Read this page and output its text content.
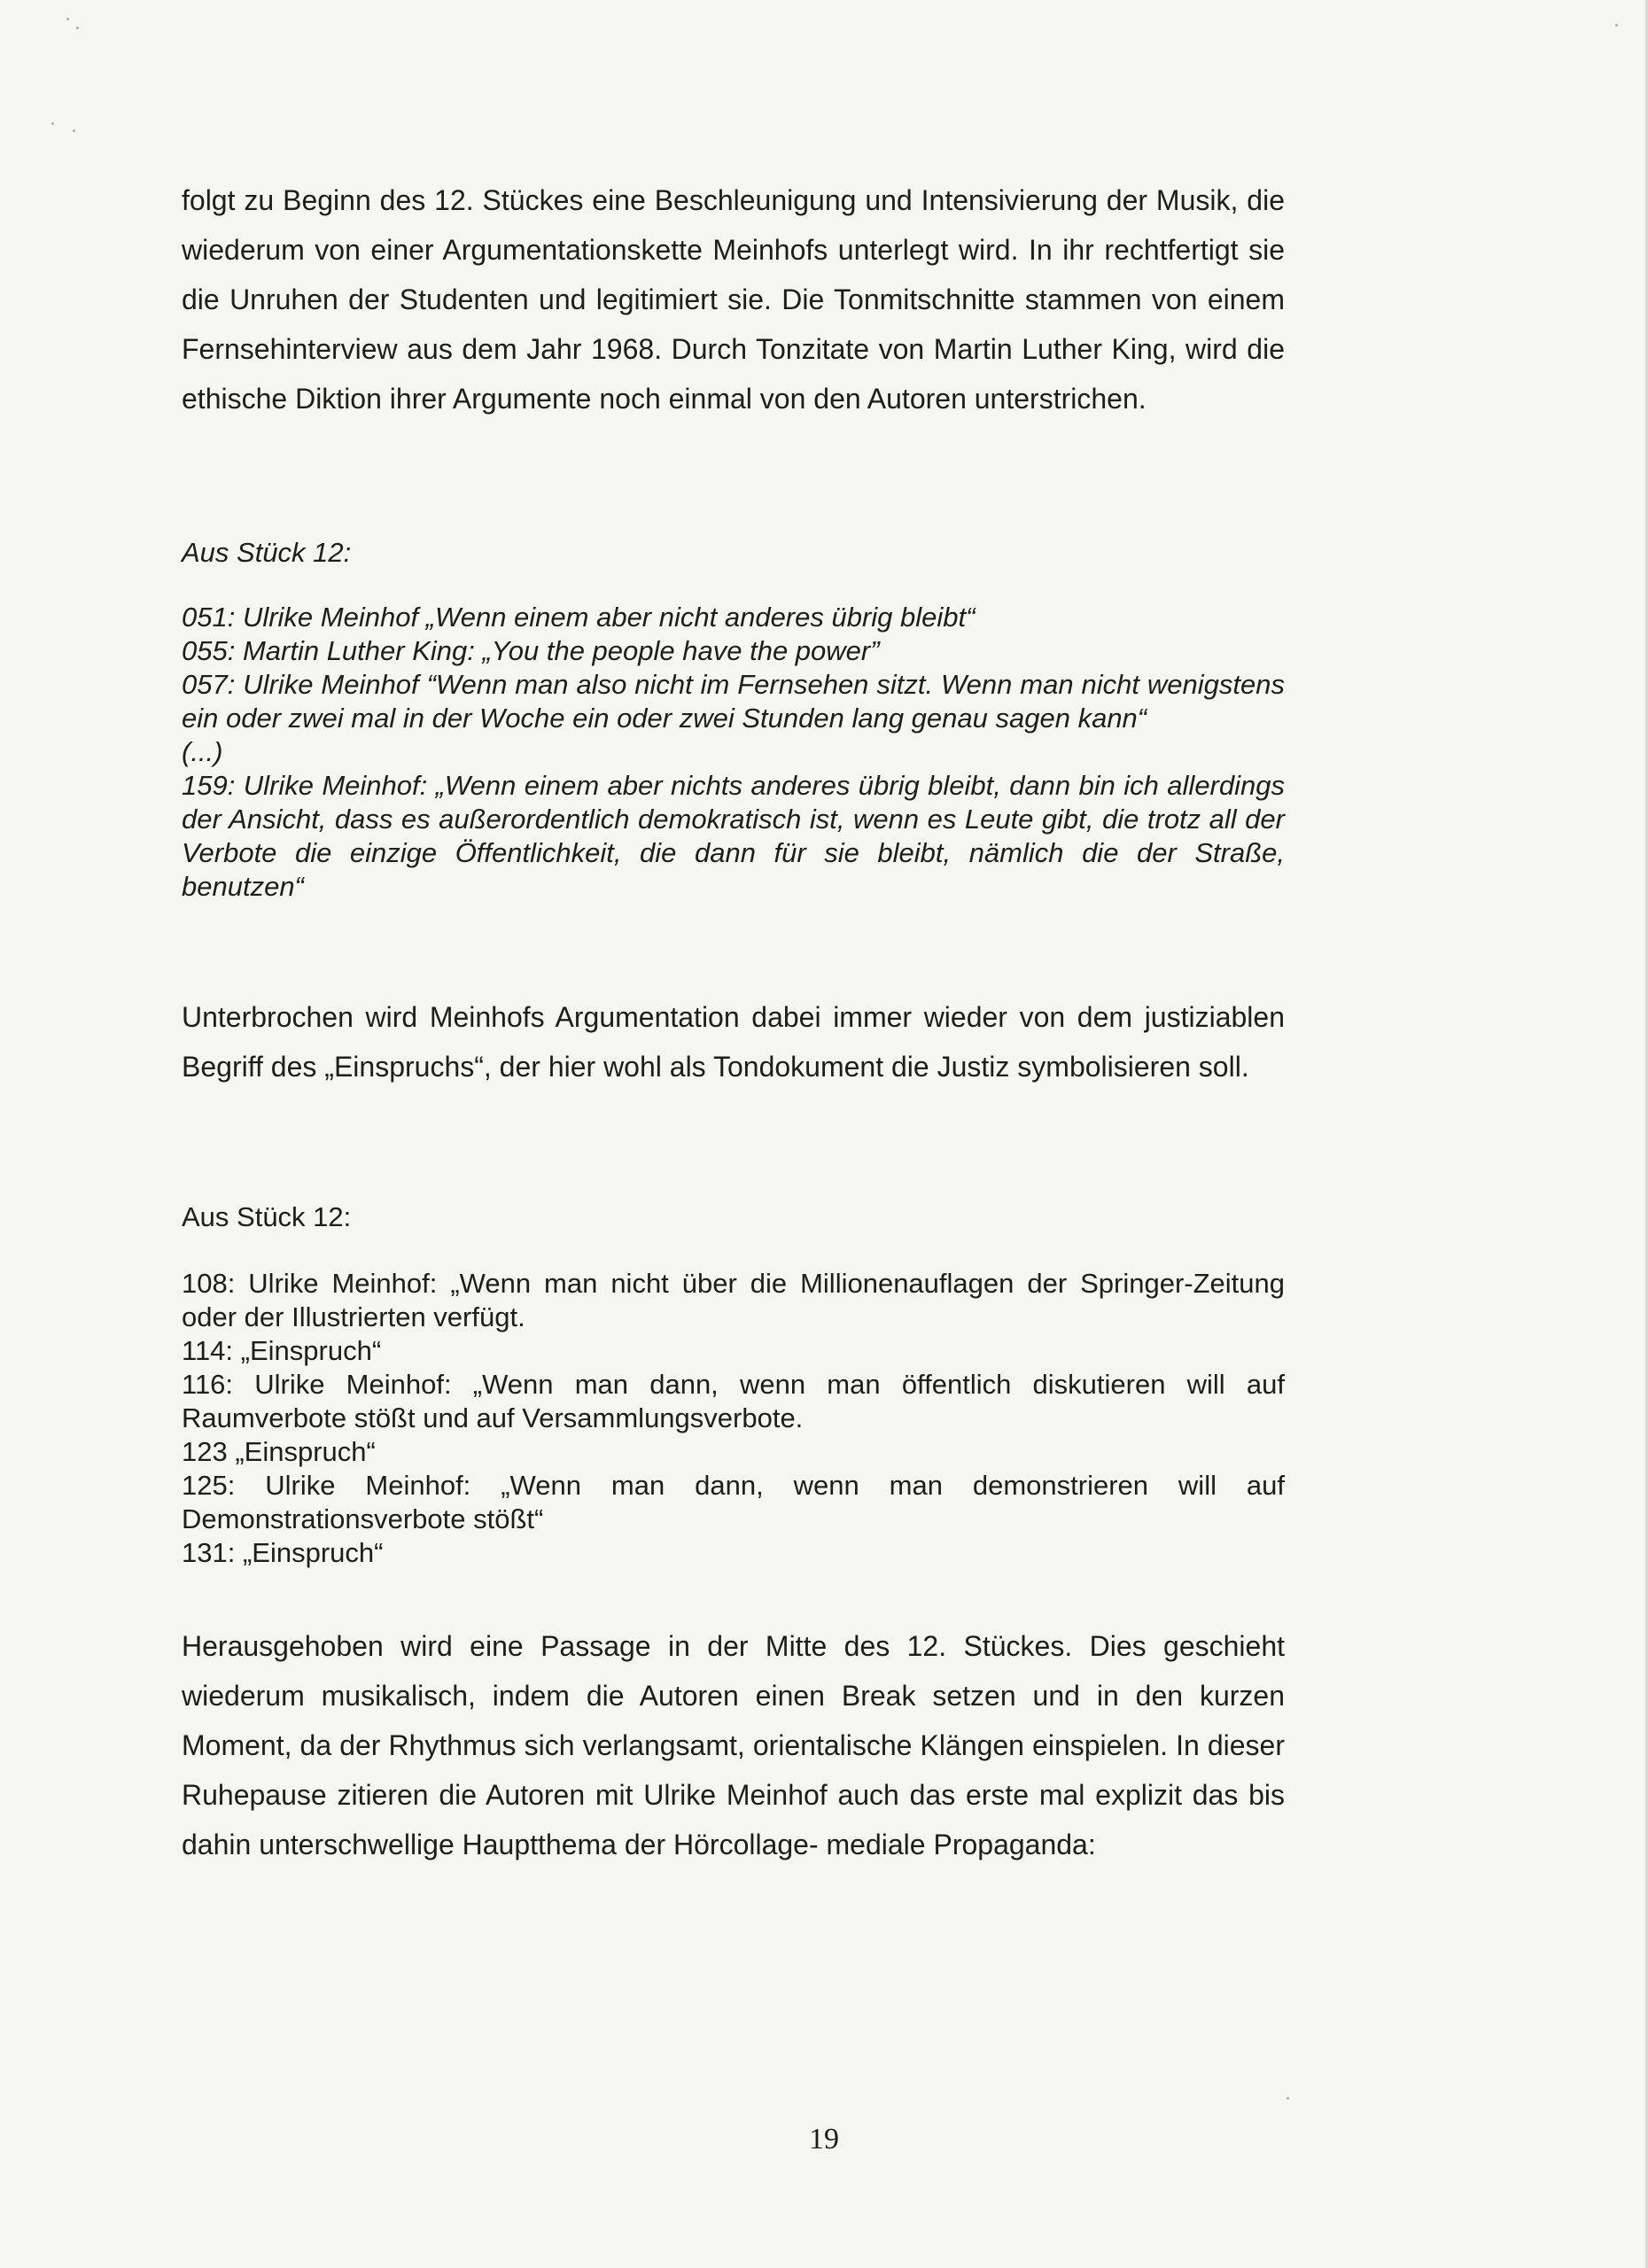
folgt zu Beginn des 12. Stückes eine Beschleunigung und Intensivierung der Musik, die wiederum von einer Argumentationskette Meinhofs unterlegt wird. In ihr rechtfertigt sie die Unruhen der Studenten und legitimiert sie. Die Tonmitschnitte stammen von einem Fernsehinterview aus dem Jahr 1968. Durch Tonzitate von Martin Luther King, wird die ethische Diktion ihrer Argumente noch einmal von den Autoren unterstrichen.

Aus Stück 12:

051: Ulrike Meinhof „Wenn einem aber nicht anderes übrig bleibt“
055: Martin Luther King: „You the people have the power”
057: Ulrike Meinhof “Wenn man also nicht im Fernsehen sitzt. Wenn man nicht wenigstens ein oder zwei mal in der Woche ein oder zwei Stunden lang genau sagen kann“
(...)
159: Ulrike Meinhof: „Wenn einem aber nichts anderes übrig bleibt, dann bin ich allerdings der Ansicht, dass es außerordentlich demokratisch ist, wenn es Leute gibt, die trotz all der Verbote die einzige Öffentlichkeit, die dann für sie bleibt, nämlich die der Straße, benutzen“

Unterbrochen wird Meinhofs Argumentation dabei immer wieder von dem justiziablen Begriff des „Einspruchs“, der hier wohl als Tondokument die Justiz symbolisieren soll.

Aus Stück 12:

108: Ulrike Meinhof: „Wenn man nicht über die Millionenauflagen der Springer-Zeitung oder der Illustrierten verfügt.
114: „Einspruch“
116: Ulrike Meinhof: „Wenn man dann, wenn man öffentlich diskutieren will auf Raumverbote stößt und auf Versammlungsverbote.
123 „Einspruch“
125: Ulrike Meinhof: „Wenn man dann, wenn man demonstrieren will auf Demonstrationsverbote stößt“
131: „Einspruch“

Herausgehoben wird eine Passage in der Mitte des 12. Stückes. Dies geschieht wiederum musikalisch, indem die Autoren einen Break setzen und in den kurzen Moment, da der Rhythmus sich verlangsamt, orientalische Klängen einspielen. In dieser Ruhepause zitieren die Autoren mit Ulrike Meinhof auch das erste mal explizit das bis dahin unterschwellige Hauptthema der Hörcollage- mediale Propaganda:

19
